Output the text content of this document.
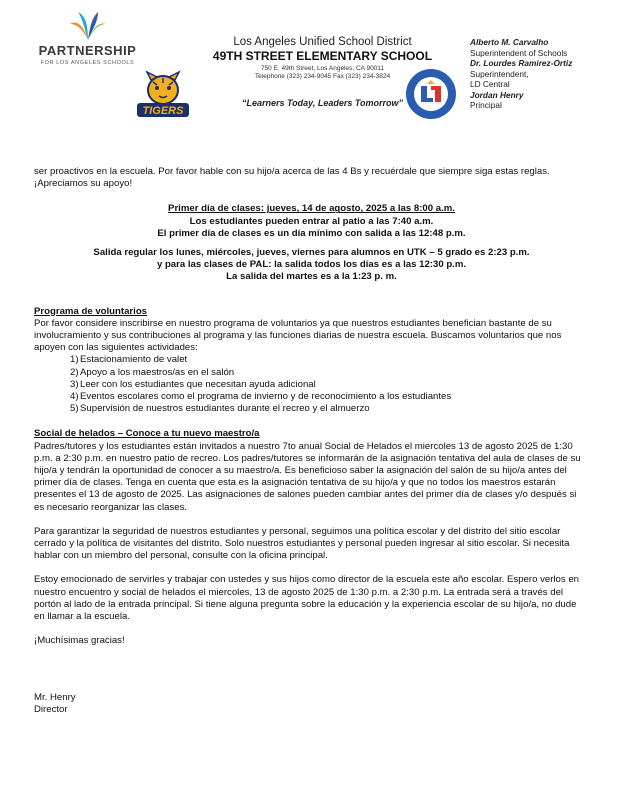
PARTNERSHIP
FOR LOS ANGELES SCHOOLS
TIGERS
Los Angeles Unified School District
49TH STREET ELEMENTARY SCHOOL
750 E. 49th Street, Los Angeles, CA 90011
Telephone (323) 234-9045 Fax (323) 234-3824
“Learners Today, Leaders Tomorrow”
Alberto M. Carvalho
Superintendent of Schools
Dr. Lourdes Ramirez-Ortiz
Superintendent,
LD Central
Jordan Henry
Principal

ser proactivos en la escuela. Por favor hable con su hijo/a acerca de las 4 Bs y recuérdale que siempre siga estas reglas. ¡Apreciamos su apoyo!

Primer día de clases: jueves, 14 de agosto, 2025 a las 8:00 a.m.

Los estudiantes pueden entrar al patio a las 7:40 a.m.

El primer día de clases es un día mínimo con salida a las 12:48 p.m.

Salida regular los lunes, miércoles, jueves, viernes para alumnos en UTK – 5 grado es 2:23 p.m.

y para las clases de PAL: la salida todos los días es a las 12:30 p.m.

La salida del martes es a la 1:23 p. m.

Programa de voluntarios

Por favor considere inscribirse en nuestro programa de voluntarios ya que nuestros estudiantes benefician bastante de su involucramiento y sus contribuciones al programa y las funciones diarias de nuestra escuela. Buscamos voluntarios que nos apoyen con las siguientes actividades:

1) Estacionamiento de valet
2) Apoyo a los maestros/as en el salón
3) Leer con los estudiantes que necesitan ayuda adicional
4) Eventos escolares como el programa de invierno y de reconocimiento a los estudiantes
5) Supervisión de nuestros estudiantes durante el recreo y el almuerzo

Social de helados – Conoce a tu nuevo maestro/a

Padres/tutores y los estudiantes están invitados a nuestro 7to anual Social de Helados el miercoles 13 de agosto 2025 de 1:30 p.m. a 2:30 p.m. en nuestro patio de recreo. Los padres/tutores se informarán de la asignación tentativa del aula de clases de su hijo/a y tendrán la oportunidad de conocer a su maestro/a. Es beneficioso saber la asignación del salón de su hijo/a antes del primer día de clases. Tenga en cuenta que esta es la asignación tentativa de su hijo/a y que no todos los maestros estarán presentes el 13 de agosto de 2025. Las asignaciones de salones pueden cambiar antes del primer día de clases y/o después si es necesario reorganizar las clases.

Para garantizar la seguridad de nuestros estudiantes y personal, seguimos una política escolar y del distrito del sitio escolar cerrado y la política de visitantes del distrito. Solo nuestros estudiantes y personal pueden ingresar al sitio escolar. Si necesita hablar con un miembro del personal, consulte con la oficina principal.

Estoy emocionado de servirles y trabajar con ustedes y sus hijos como director de la escuela este año escolar. Espero verlos en nuestro encuentro y social de helados el miercoles, 13 de agosto 2025 de 1:30 p.m. a 2:30 p.m. La entrada será a través del portón al lado de la entrada principal. Si tiene alguna pregunta sobre la educación y la experiencia escolar de su hijo/a, no dude en llamar a la escuela.

¡Muchísimas gracias!

Mr. Henry

Director
